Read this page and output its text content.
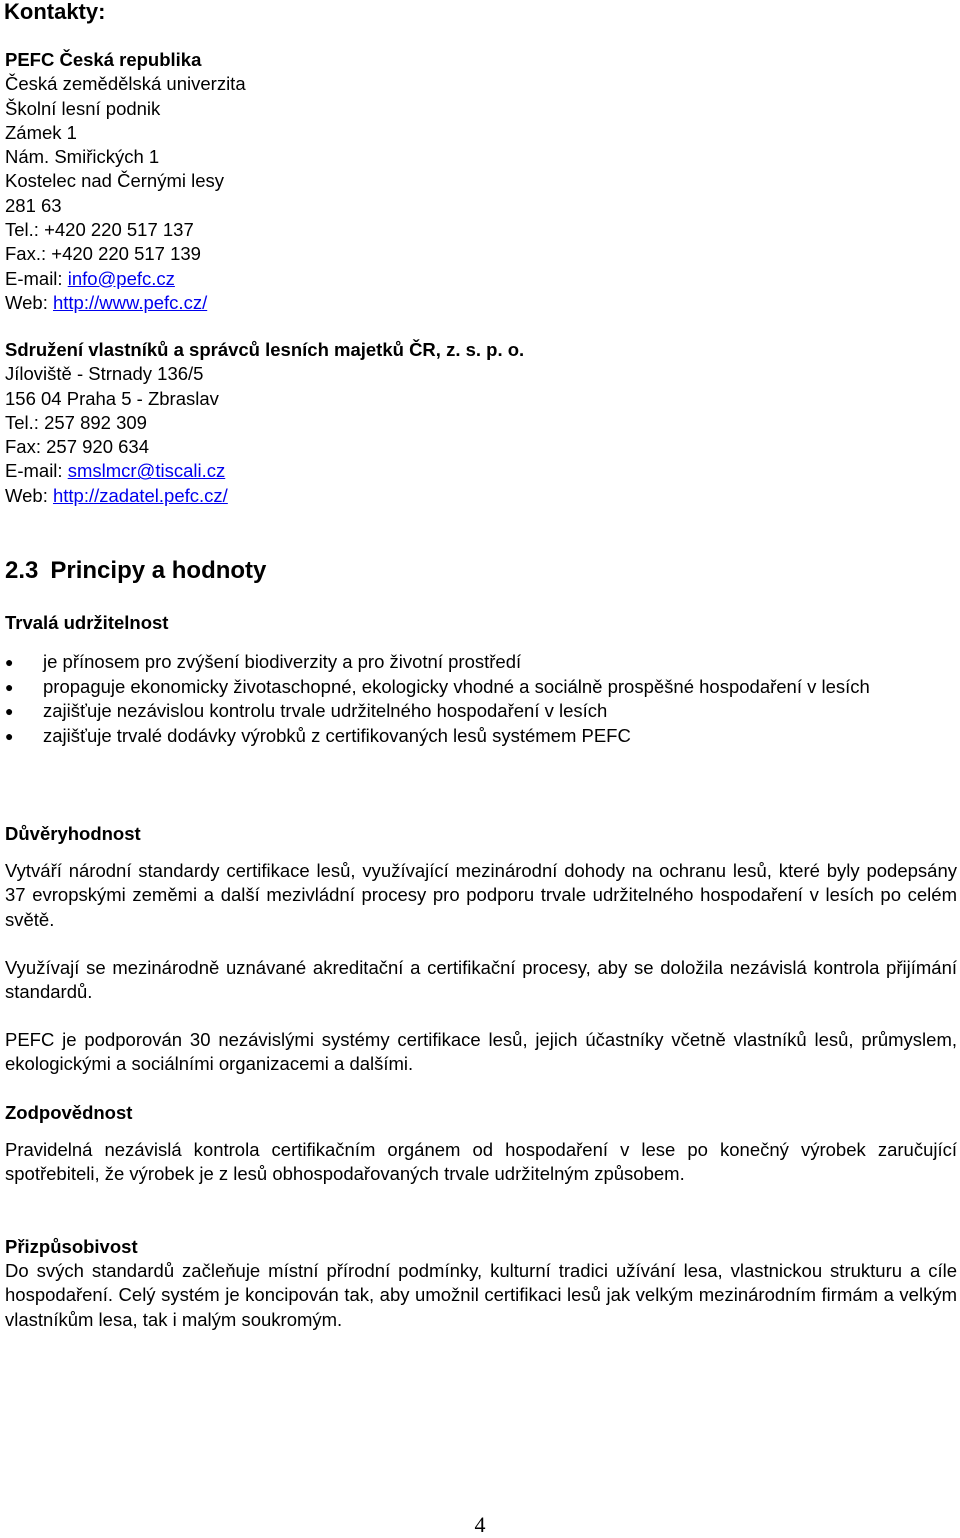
Kontakty:
PEFC Česká republika
Česká zemědělská univerzita
Školní lesní podnik
Zámek 1
Nám. Smiřických 1
Kostelec nad Černými lesy
281 63
Tel.: +420 220 517 137
Fax.: +420 220 517 139
E-mail: info@pefc.cz
Web: http://www.pefc.cz/
Sdružení vlastníků a správců lesních majetků ČR, z. s. p. o.
Jíloviště - Strnady 136/5
156 04 Praha 5 - Zbraslav
Tel.: 257 892 309
Fax: 257 920 634
E-mail: smslmcr@tiscali.cz
Web: http://zadatel.pefc.cz/
2.3 Principy a hodnoty
Trvalá udržitelnost
● je přínosem pro zvýšení biodiverzity a pro životní prostředí
● propaguje ekonomicky životaschopné, ekologicky vhodné a sociálně prospěšné hospodaření v lesích
● zajišťuje nezávislou kontrolu trvale udržitelného hospodaření v lesích
● zajišťuje trvalé dodávky výrobků z certifikovaných lesů systémem PEFC
Důvěryhodnost

Vytváří národní standardy certifikace lesů, využívající mezinárodní dohody na ochranu lesů, které byly podepsány 37 evropskými zeměmi a další mezivládní procesy pro podporu trvale udržitelného hospodaření v lesích po celém světě.

Využívají se mezinárodně uznávané akreditační a certifikační procesy, aby se doložila nezávislá kontrola přijímání standardů.

PEFC je podporován 30 nezávislými systémy certifikace lesů, jejich účastníky včetně vlastníků lesů, průmyslem, ekologickými a sociálními organizacemi a dalšími.

Zodpovědnost

Pravidelná nezávislá kontrola certifikačním orgánem od hospodaření v lese po konečný výrobek zaručující spotřebiteli, že výrobek je z lesů obhospodařovaných trvale udržitelným způsobem.

Přizpůsobivost

Do svých standardů začleňuje místní přírodní podmínky, kulturní tradici užívání lesa, vlastnickou strukturu a cíle hospodaření. Celý systém je koncipován tak, aby umožnil certifikaci lesů jak velkým mezinárodním firmám a velkým vlastníkům lesa, tak i malým soukromým.

4
